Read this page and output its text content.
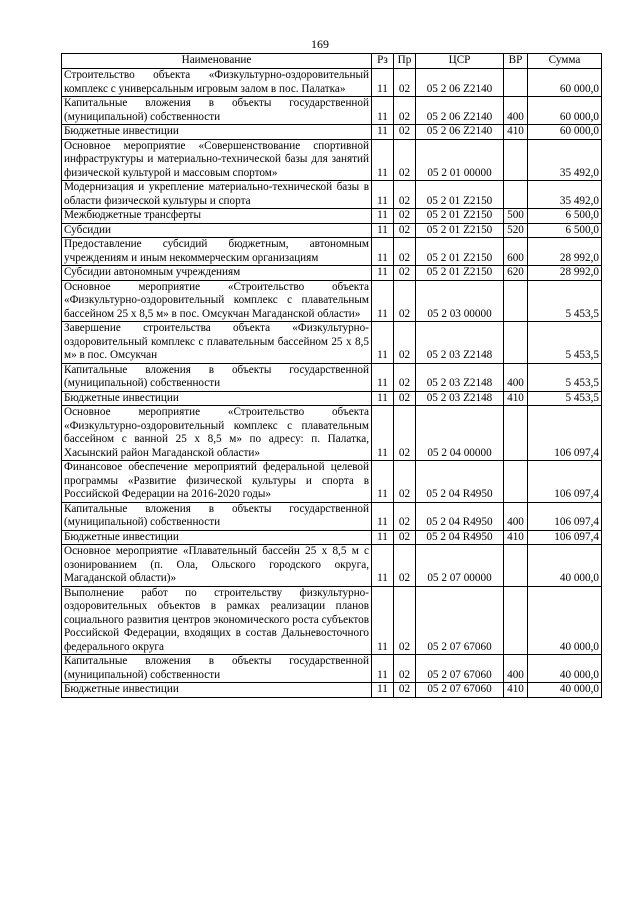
169
Наименование	Рз	Пр	ЦСР	ВР	Сумма
Строительство объекта «Физкультурно-оздоровительный комплекс с универсальным игровым залом в пос. Палатка»	11	02	05 2 06 Z2140		60 000,0
Капитальные вложения в объекты государственной (муниципальной) собственности	11	02	05 2 06 Z2140	400	60 000,0
Бюджетные инвестиции	11	02	05 2 06 Z2140	410	60 000,0
Основное мероприятие «Совершенствование спортивной инфраструктуры и материально-технической базы для занятий физической культурой и массовым спортом»	11	02	05 2 01 00000		35 492,0
Модернизация и укрепление материально-технической базы в области физической культуры и спорта	11	02	05 2 01 Z2150		35 492,0
Межбюджетные трансферты	11	02	05 2 01 Z2150	500	6 500,0
Субсидии	11	02	05 2 01 Z2150	520	6 500,0
Предоставление субсидий бюджетным, автономным учреждениям и иным некоммерческим организациям	11	02	05 2 01 Z2150	600	28 992,0
Субсидии автономным учреждениям	11	02	05 2 01 Z2150	620	28 992,0
Основное мероприятие «Строительство объекта «Физкультурно-оздоровительный комплекс с плавательным бассейном 25 х 8,5 м» в пос. Омсукчан Магаданской области»	11	02	05 2 03 00000		5 453,5
Завершение строительства объекта «Физкультурно-оздоровительный комплекс с плавательным бассейном 25 х 8,5 м» в пос. Омсукчан	11	02	05 2 03 Z2148		5 453,5
Капитальные вложения в объекты государственной (муниципальной) собственности	11	02	05 2 03 Z2148	400	5 453,5
Бюджетные инвестиции	11	02	05 2 03 Z2148	410	5 453,5
Основное мероприятие «Строительство объекта «Физкультурно-оздоровительный комплекс с плавательным бассейном с ванной 25 х 8,5 м» по адресу: п. Палатка, Хасынский район Магаданской области»	11	02	05 2 04 00000		106 097,4
Финансовое обеспечение мероприятий федеральной целевой программы «Развитие физической культуры и спорта в Российской Федерации на 2016-2020 годы»	11	02	05 2 04 R4950		106 097,4
Капитальные вложения в объекты государственной (муниципальной) собственности	11	02	05 2 04 R4950	400	106 097,4
Бюджетные инвестиции	11	02	05 2 04 R4950	410	106 097,4
Основное мероприятие «Плавательный бассейн 25 х 8,5 м с озонированием (п. Ола, Ольского городского округа, Магаданской области)»	11	02	05 2 07 00000		40 000,0
Выполнение работ по строительству физкультурно-оздоровительных объектов в рамках реализации планов социального развития центров экономического роста субъектов Российской Федерации, входящих в состав Дальневосточного федерального округа	11	02	05 2 07 67060		40 000,0
Капитальные вложения в объекты государственной (муниципальной) собственности	11	02	05 2 07 67060	400	40 000,0
Бюджетные инвестиции	11	02	05 2 07 67060	410	40 000,0
